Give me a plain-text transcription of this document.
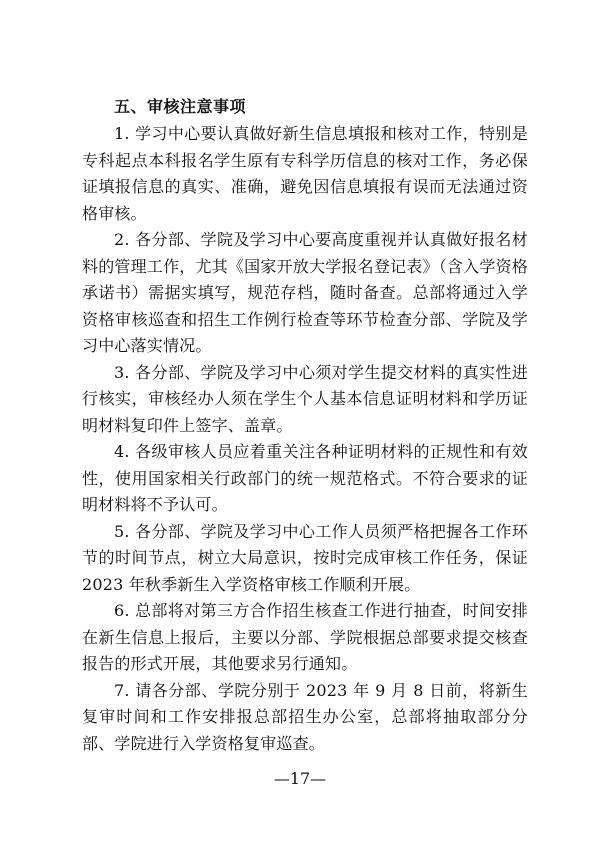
五、审核注意事项

1. 学习中心要认真做好新生信息填报和核对工作，特别是专科起点本科报名学生原有专科学历信息的核对工作，务必保证填报信息的真实、准确，避免因信息填报有误而无法通过资格审核。

2. 各分部、学院及学习中心要高度重视并认真做好报名材料的管理工作，尤其《国家开放大学报名登记表》（含入学资格承诺书）需据实填写，规范存档，随时备查。总部将通过入学资格审核巡查和招生工作例行检查等环节检查分部、学院及学习中心落实情况。

3. 各分部、学院及学习中心须对学生提交材料的真实性进行核实，审核经办人须在学生个人基本信息证明材料和学历证明材料复印件上签字、盖章。

4. 各级审核人员应着重关注各种证明材料的正规性和有效性，使用国家相关行政部门的统一规范格式。不符合要求的证明材料将不予认可。

5. 各分部、学院及学习中心工作人员须严格把握各工作环节的时间节点，树立大局意识，按时完成审核工作任务，保证 2023 年秋季新生入学资格审核工作顺利开展。

6. 总部将对第三方合作招生核查工作进行抽查，时间安排在新生信息上报后，主要以分部、学院根据总部要求提交核查报告的形式开展，其他要求另行通知。

7. 请各分部、学院分别于 2023 年 9 月 8 日前，将新生复审时间和工作安排报总部招生办公室，总部将抽取部分分部、学院进行入学资格复审巡查。

—17—
